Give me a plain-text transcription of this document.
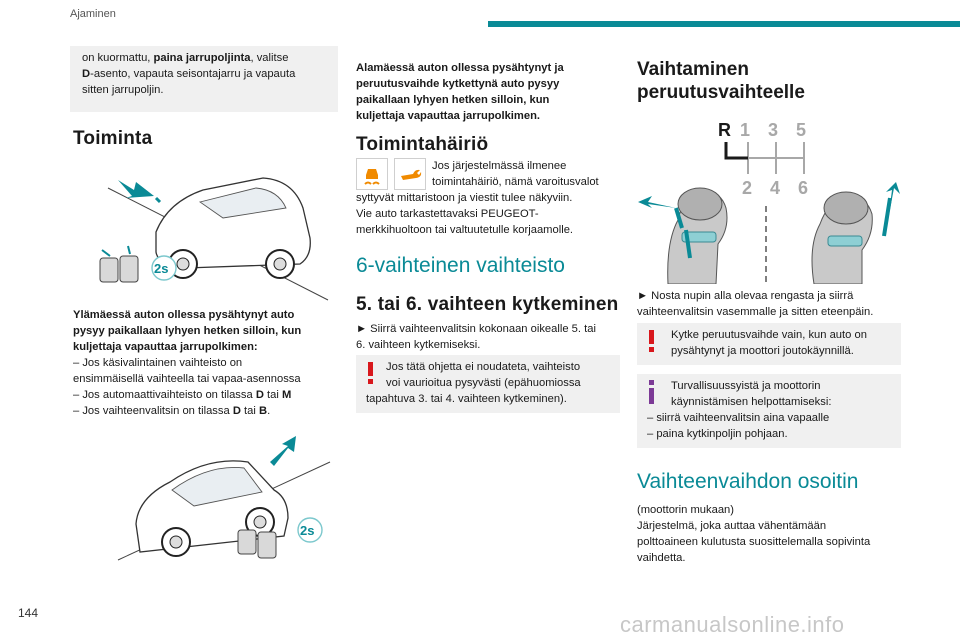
Ajaminen
144	carmanualsonline.info
on kuormattu, paina jarrupoljinta, valitse
D-asento, vapauta seisontajarru ja vapauta
sitten jarrupoljin.
Toiminta
2s
Ylämäessä auton ollessa pysähtynyt auto
pysyy paikallaan lyhyen hetken silloin, kun
kuljettaja vapauttaa jarrupolkimen:
– Jos käsivalintainen vaihteisto on
ensimmäisellä vaihteella tai vapaa-asennossa
– Jos automaattivaihteisto on tilassa D tai M
– Jos vaihteenvalitsin on tilassa D tai B.
2s
Alamäessä auton ollessa pysähtynyt ja
peruutusvaihde kytkettynä auto pysyy
paikallaan lyhyen hetken silloin, kun
kuljettaja vapauttaa jarrupolkimen.
Toimintahäiriö
Jos järjestelmässä ilmenee
toimintahäiriö, nämä varoitusvalot
syttyvät mittaristoon ja viestit tulee näkyviin.
Vie auto tarkastettavaksi PEUGEOT-
merkkihuoltoon tai valtuutetulle korjaamolle.
6-vaihteinen vaihteisto
5. tai 6. vaihteen kytkeminen
► Siirrä vaihteenvalitsin kokonaan oikealle 5. tai
6. vaihteen kytkemiseksi.
Jos tätä ohjetta ei noudateta, vaihteisto
voi vaurioitua pysyvästi (epähuomiossa
tapahtuva 3. tai 4. vaihteen kytkeminen).
Vaihtaminen
peruutusvaihteelle
R 1 3 5
2 4 6
► Nosta nupin alla olevaa rengasta ja siirrä
vaihteenvalitsin vasemmalle ja sitten eteenpäin.
Kytke peruutusvaihde vain, kun auto on
pysähtynyt ja moottori joutokäynnillä.
Turvallisuussyistä ja moottorin
käynnistämisen helpottamiseksi:
– siirrä vaihteenvalitsin aina vapaalle
– paina kytkinpoljin pohjaan.
Vaihteenvaihdon osoitin
(moottorin mukaan)
Järjestelmä, joka auttaa vähentämään
polttoaineen kulutusta suosittelemalla sopivinta
vaihdetta.
